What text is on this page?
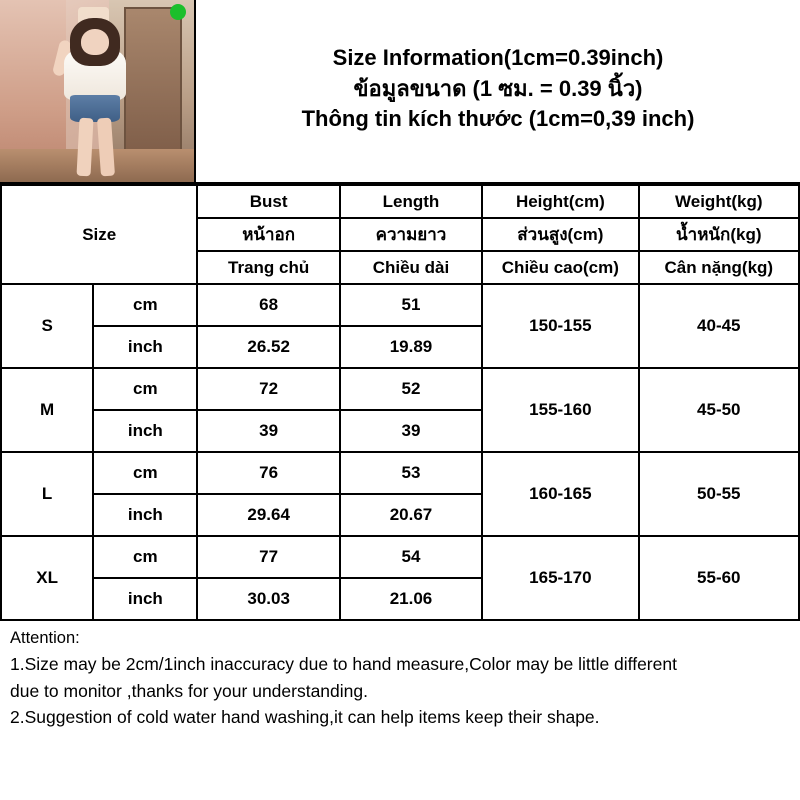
Size Information(1cm=0.39inch)
ข้อมูลขนาด (1 ซม. = 0.39 นิ้ว)
Thông tin kích thước (1cm=0,39 inch)
Size		Bust	Length	Height(cm)	Weight(kg)
		หน้าอก	ความยาว	ส่วนสูง(cm)	น้ำหนัก(kg)
		Trang chủ	Chiều dài	Chiều cao(cm)	Cân nặng(kg)
S	cm	68	51	150-155	40-45
	inch	26.52	19.89		
M	cm	72	52	155-160	45-50
	inch	39	39		
L	cm	76	53	160-165	50-55
	inch	29.64	20.67		
XL	cm	77	54	165-170	55-60
	inch	30.03	21.06		

Attention:

1.Size may be 2cm/1inch inaccuracy due to hand measure,Color may be little different

due to monitor ,thanks for your understanding.

2.Suggestion of cold water hand washing,it can help items keep their shape.
